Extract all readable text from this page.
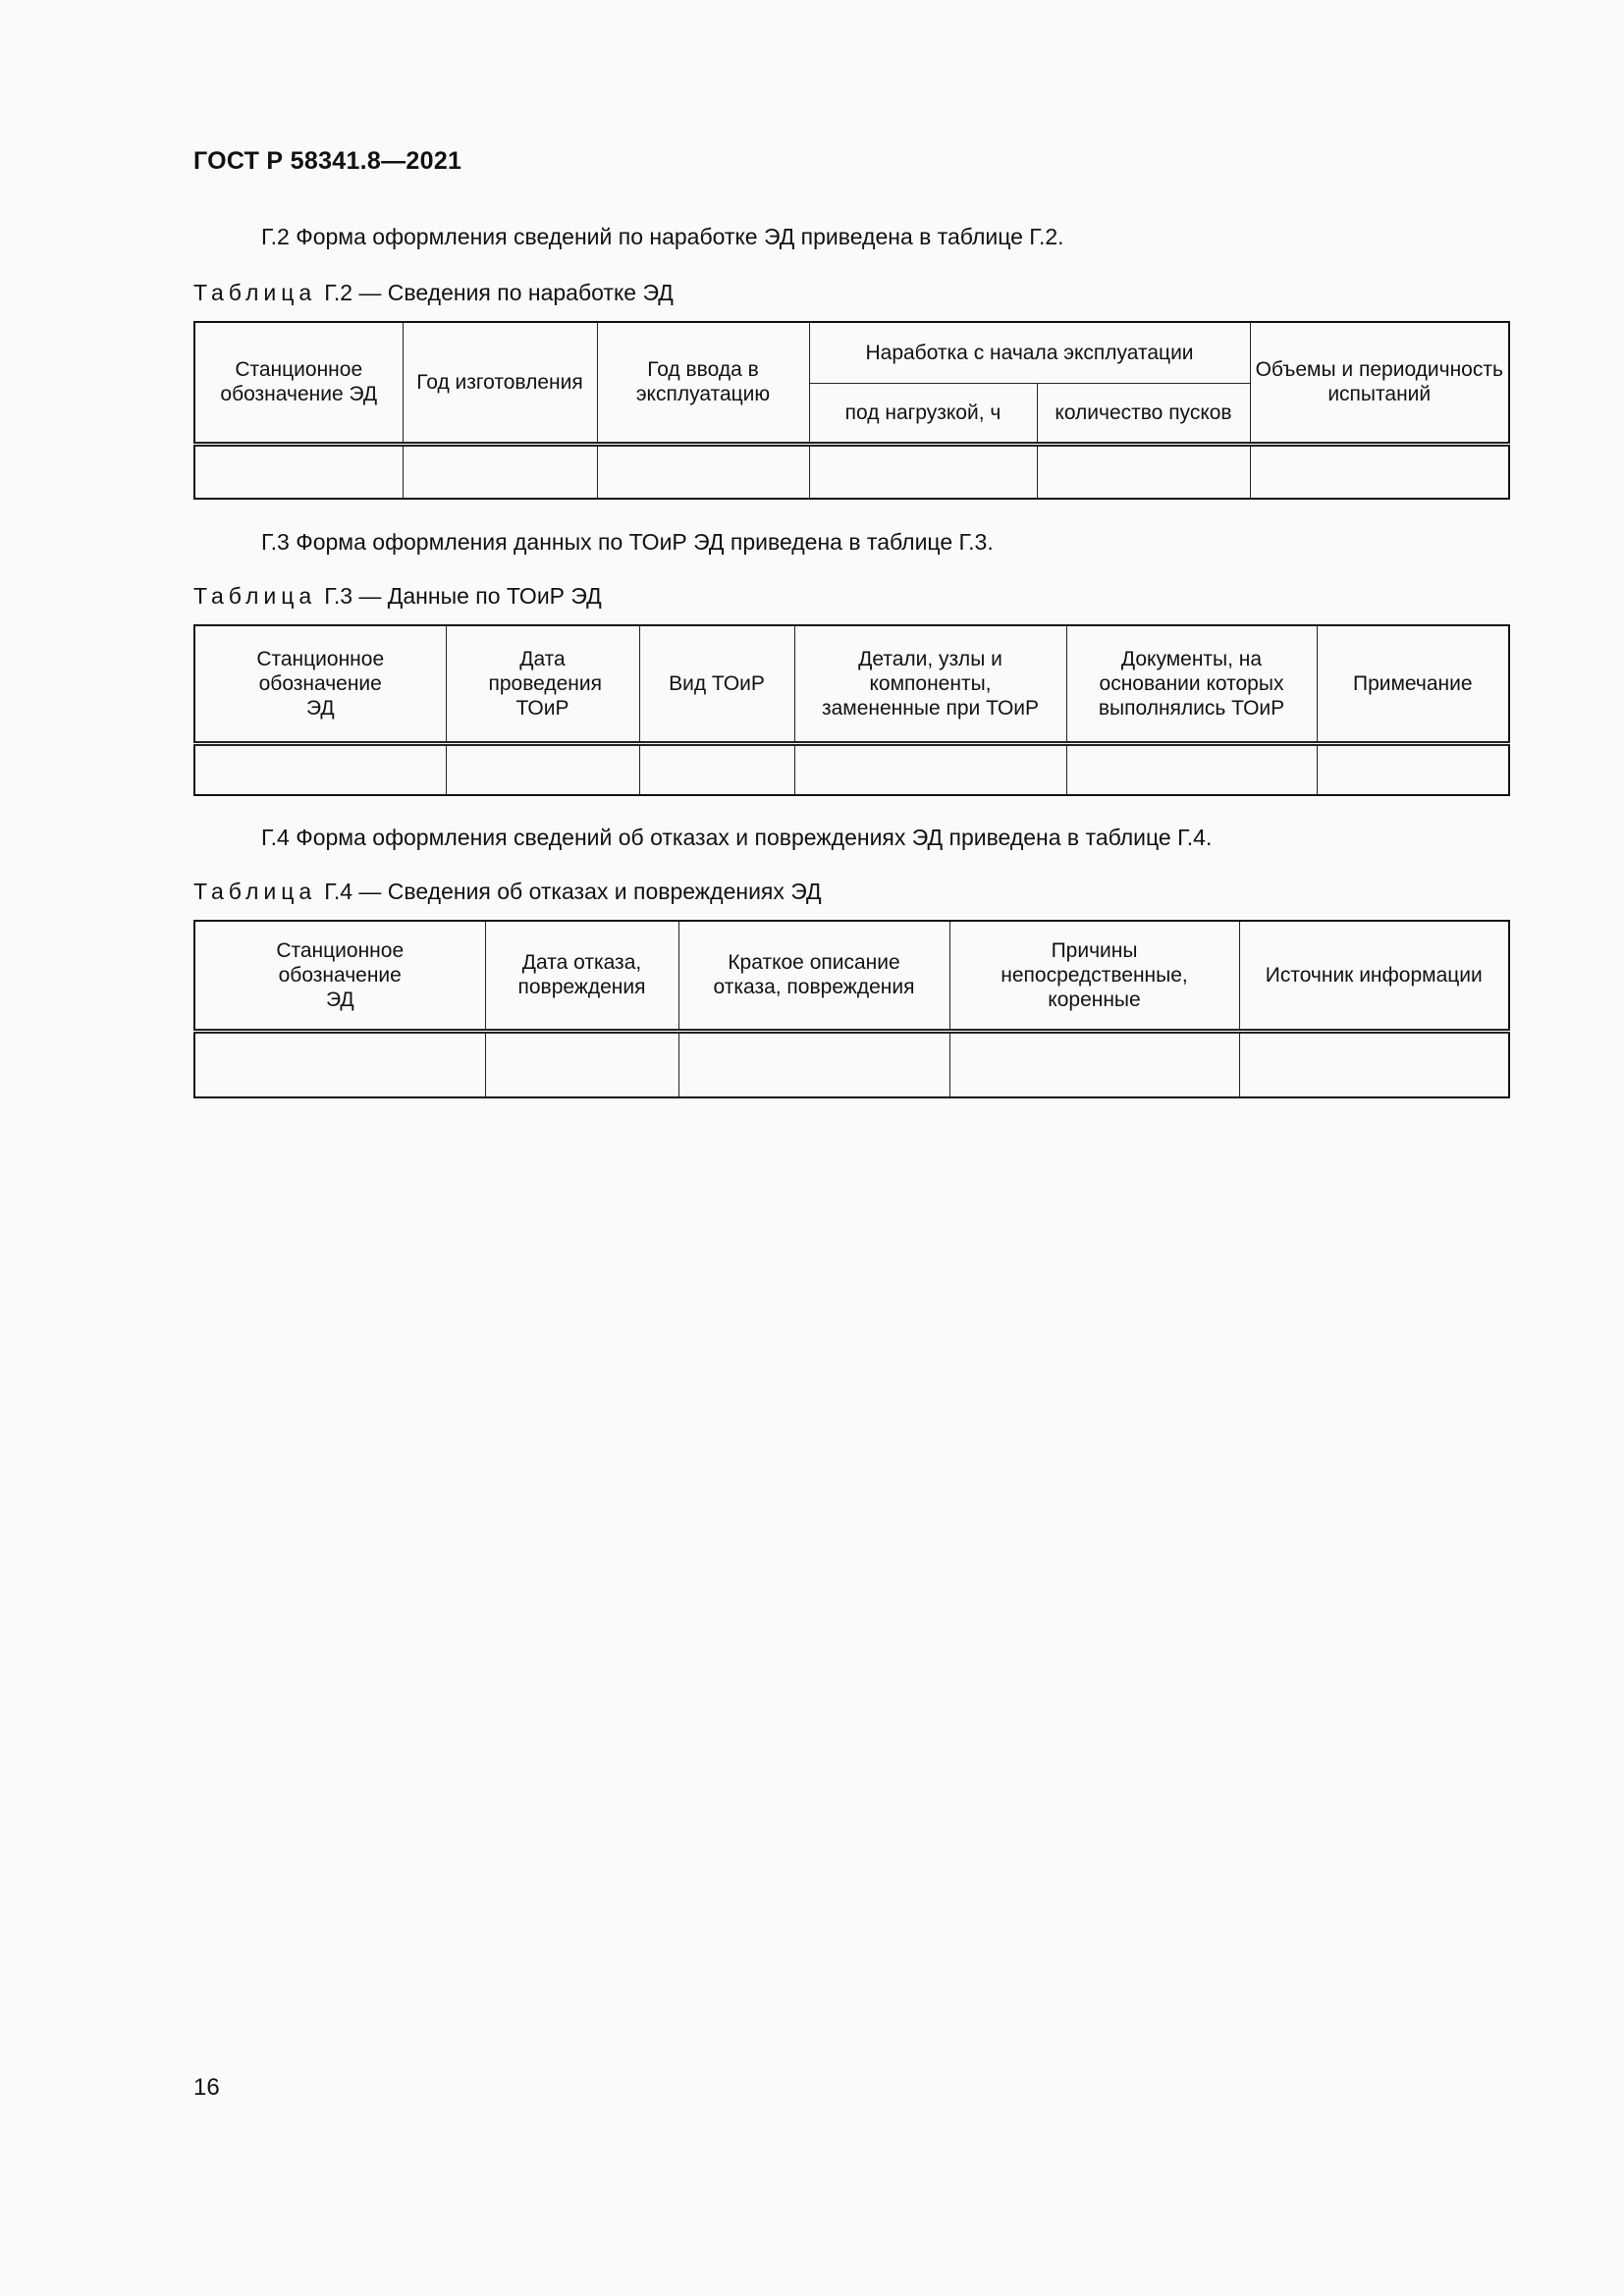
ГОСТ Р 58341.8—2021
Г.2 Форма оформления сведений по наработке ЭД приведена в таблице Г.2.
Таблица Г.2 — Сведения по наработке ЭД
Станционное обозначение ЭД	Год изготовления	Год ввода в эксплуатацию	Наработка с начала эксплуатации		Объемы и периодичность испытаний
			под нагрузкой, ч	количество пусков	

Г.3 Форма оформления данных по ТОиР ЭД приведена в таблице Г.3.
Таблица Г.3 — Данные по ТОиР ЭД
Станционное обозначение ЭД	Дата проведения ТОиР	Вид ТОиР	Детали, узлы и компоненты, замененные при ТОиР	Документы, на основании которых выполнялись ТОиР	Примечание

Г.4 Форма оформления сведений об отказах и повреждениях ЭД приведена в таблице Г.4.
Таблица Г.4 — Сведения об отказах и повреждениях ЭД
Станционное обозначение ЭД	Дата отказа, повреждения	Краткое описание отказа, повреждения	Причины непосредственные, коренные	Источник информации

16
